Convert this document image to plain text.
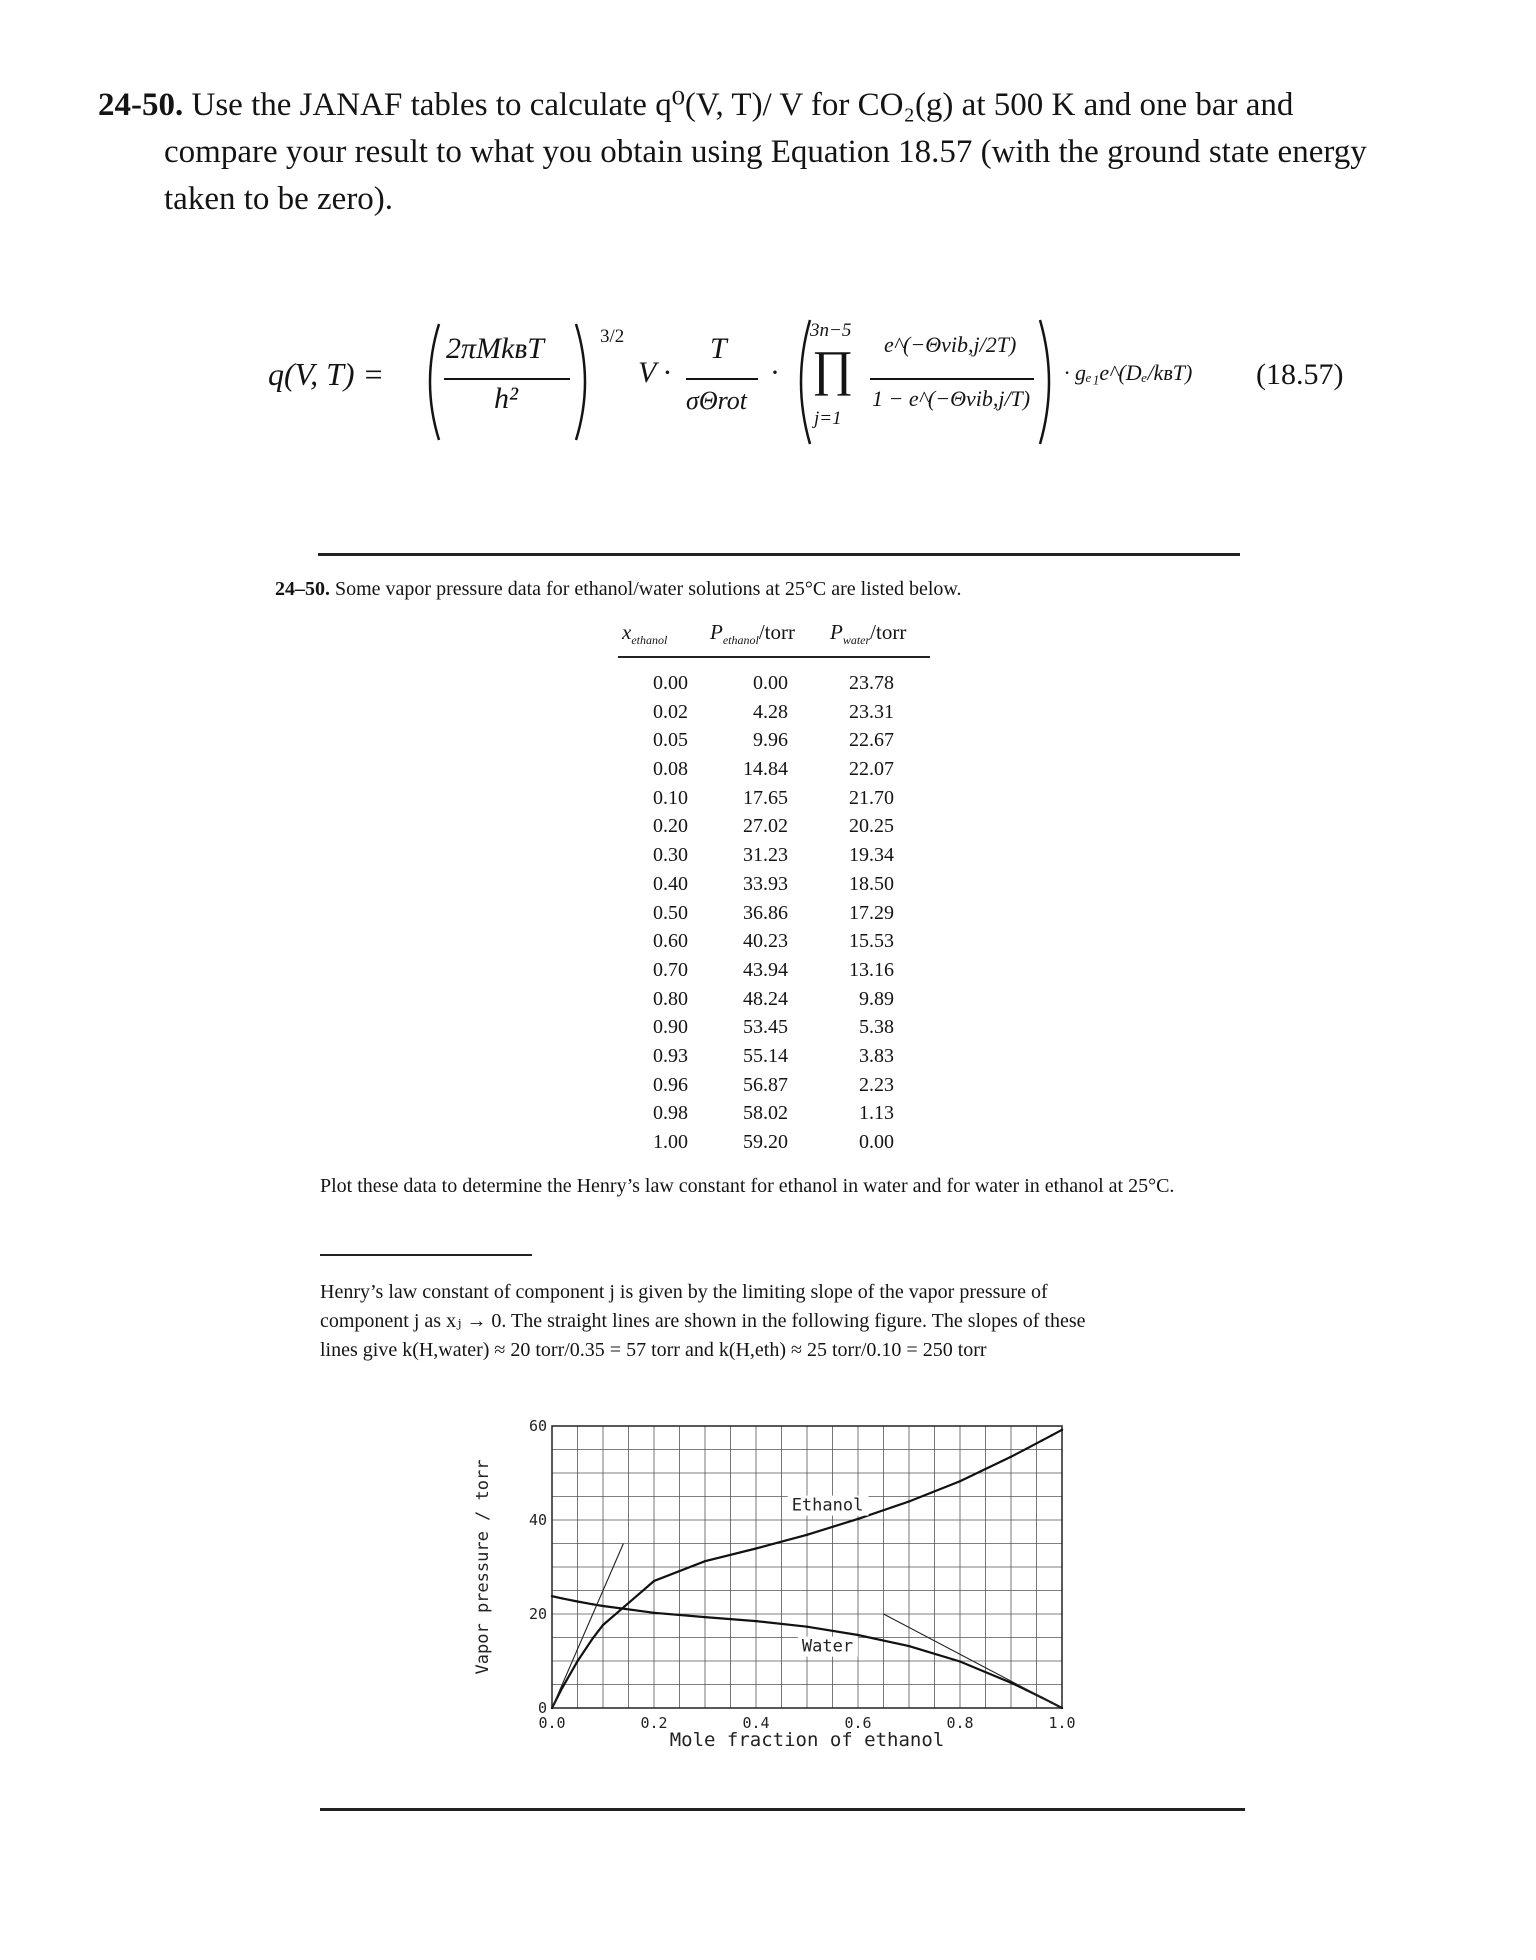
24-50. Use the JANAF tables to calculate q⁰(V, T)/ V for CO₂(g) at 500 K and one bar and
compare your result to what you obtain using Equation 18.57 (with the ground state energy
taken to be zero).
q(V, T) =
2πMkʙT
h²
3/2
V ·
T
σΘrot
·
3n−5
∏
j=1
e^(−Θvib,j/2T)
1 − e^(−Θvib,j/T)
· gₑ₁e^(Dₑ/kʙT) (18.57)
24–50. Some vapor pressure data for ethanol/water solutions at 25°C are listed below.
$x_{ethanol}$ $P_{ethanol}$/torr $P_{water}$/torr
0.00	0.00	23.78
0.02	4.28	23.31
0.05	9.96	22.67
0.08	14.84	22.07
0.10	17.65	21.70
0.20	27.02	20.25
0.30	31.23	19.34
0.40	33.93	18.50
0.50	36.86	17.29
0.60	40.23	15.53
0.70	43.94	13.16
0.80	48.24	9.89
0.90	53.45	5.38
0.93	55.14	3.83
0.96	56.87	2.23
0.98	58.02	1.13
1.00	59.20	0.00
Plot these data to determine the Henry’s law constant for ethanol in water and for water in ethanol at 25°C.
Henry’s law constant of component j is given by the limiting slope of the vapor pressure of
component j as xⱼ → 0. The straight lines are shown in the following figure. The slopes of these
lines give k(H,water) ≈ 20 torr/0.35 = 57 torr and k(H,eth) ≈ 25 torr/0.10 = 250 torr
0.0	0.2	0.4	0.6	0.8	1.0
0
20
40
60
Ethanol
Water
Mole fraction of ethanol
Vapor pressure / torr
